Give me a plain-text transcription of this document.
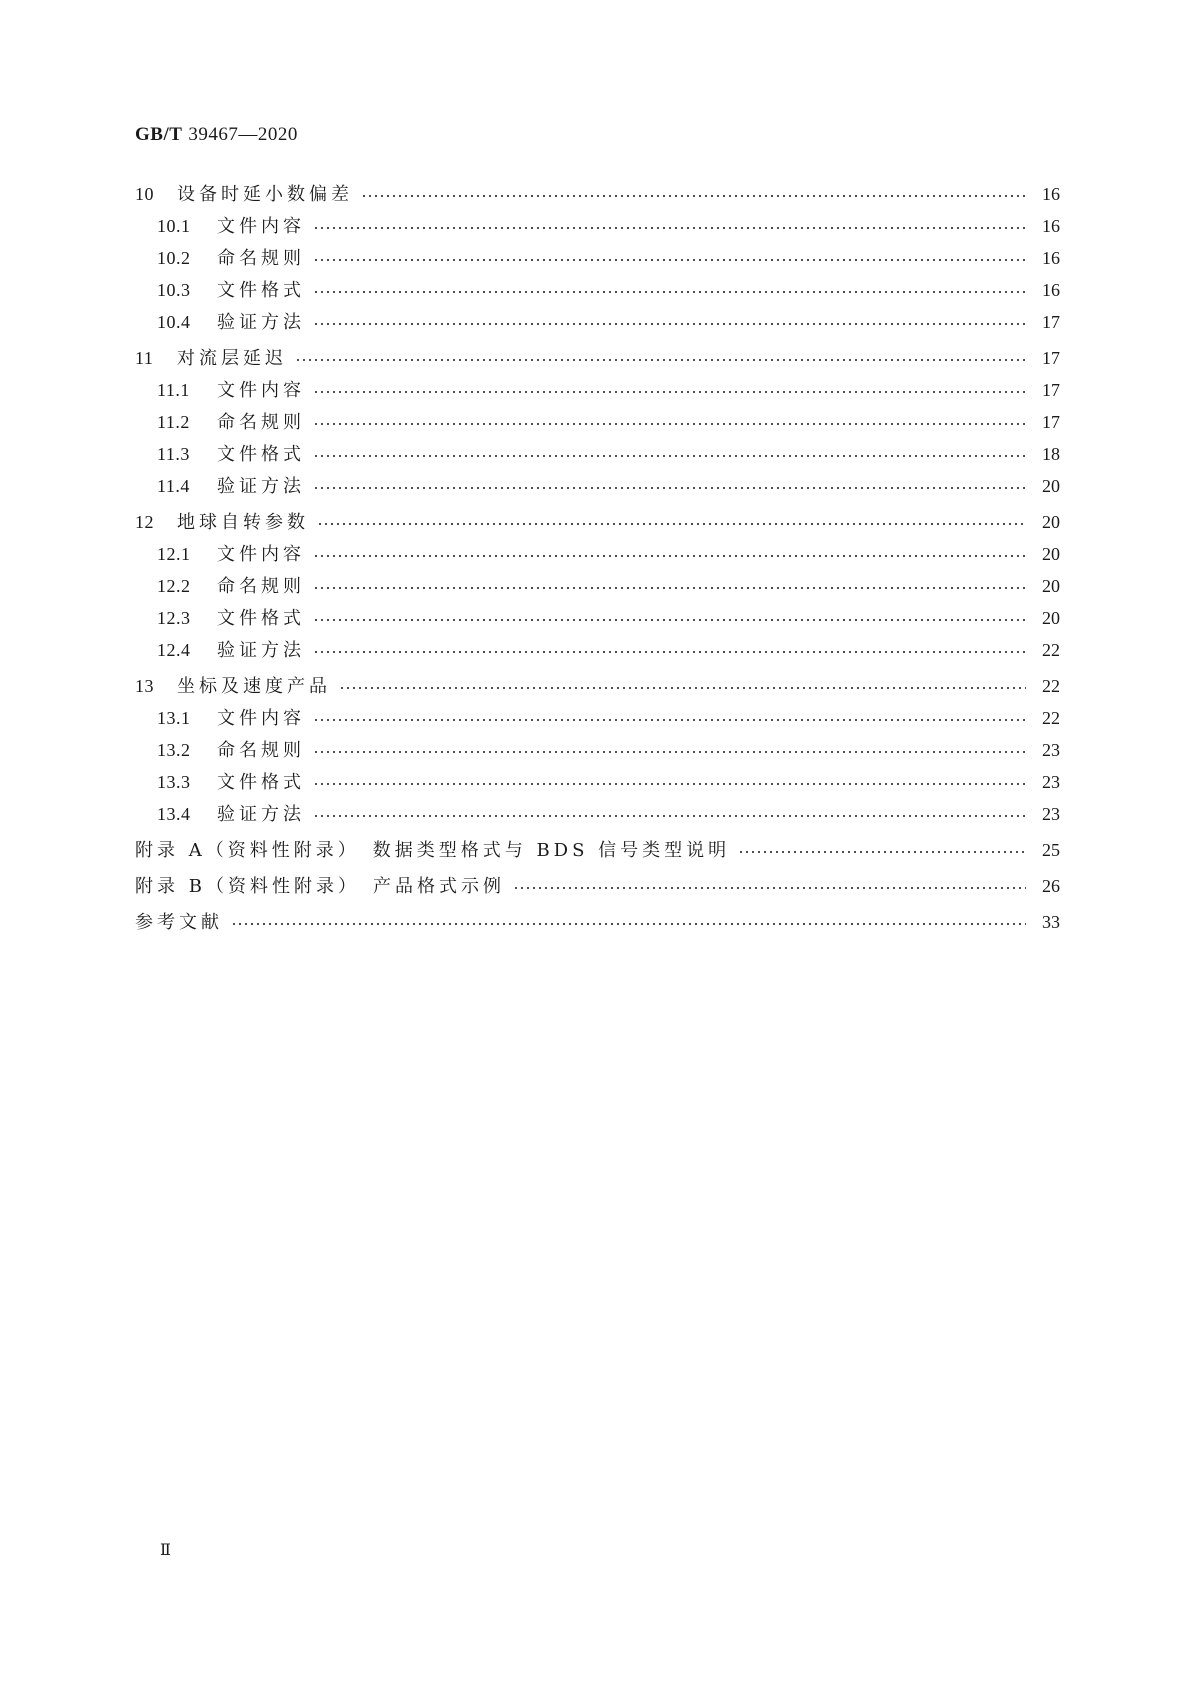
GB/T 39467—2020
10	设备时延小数偏差	16
10.1	文件内容	16
10.2	命名规则	16
10.3	文件格式	16
10.4	验证方法	17
11	对流层延迟	17
11.1	文件内容	17
11.2	命名规则	17
11.3	文件格式	18
11.4	验证方法	20
12	地球自转参数	20
12.1	文件内容	20
12.2	命名规则	20
12.3	文件格式	20
12.4	验证方法	22
13	坐标及速度产品	22
13.1	文件内容	22
13.2	命名规则	23
13.3	文件格式	23
13.4	验证方法	23
附录 A（资料性附录）　数据类型格式与 BDS 信号类型说明	25
附录 B（资料性附录）　产品格式示例	26
参考文献	33
Ⅱ
